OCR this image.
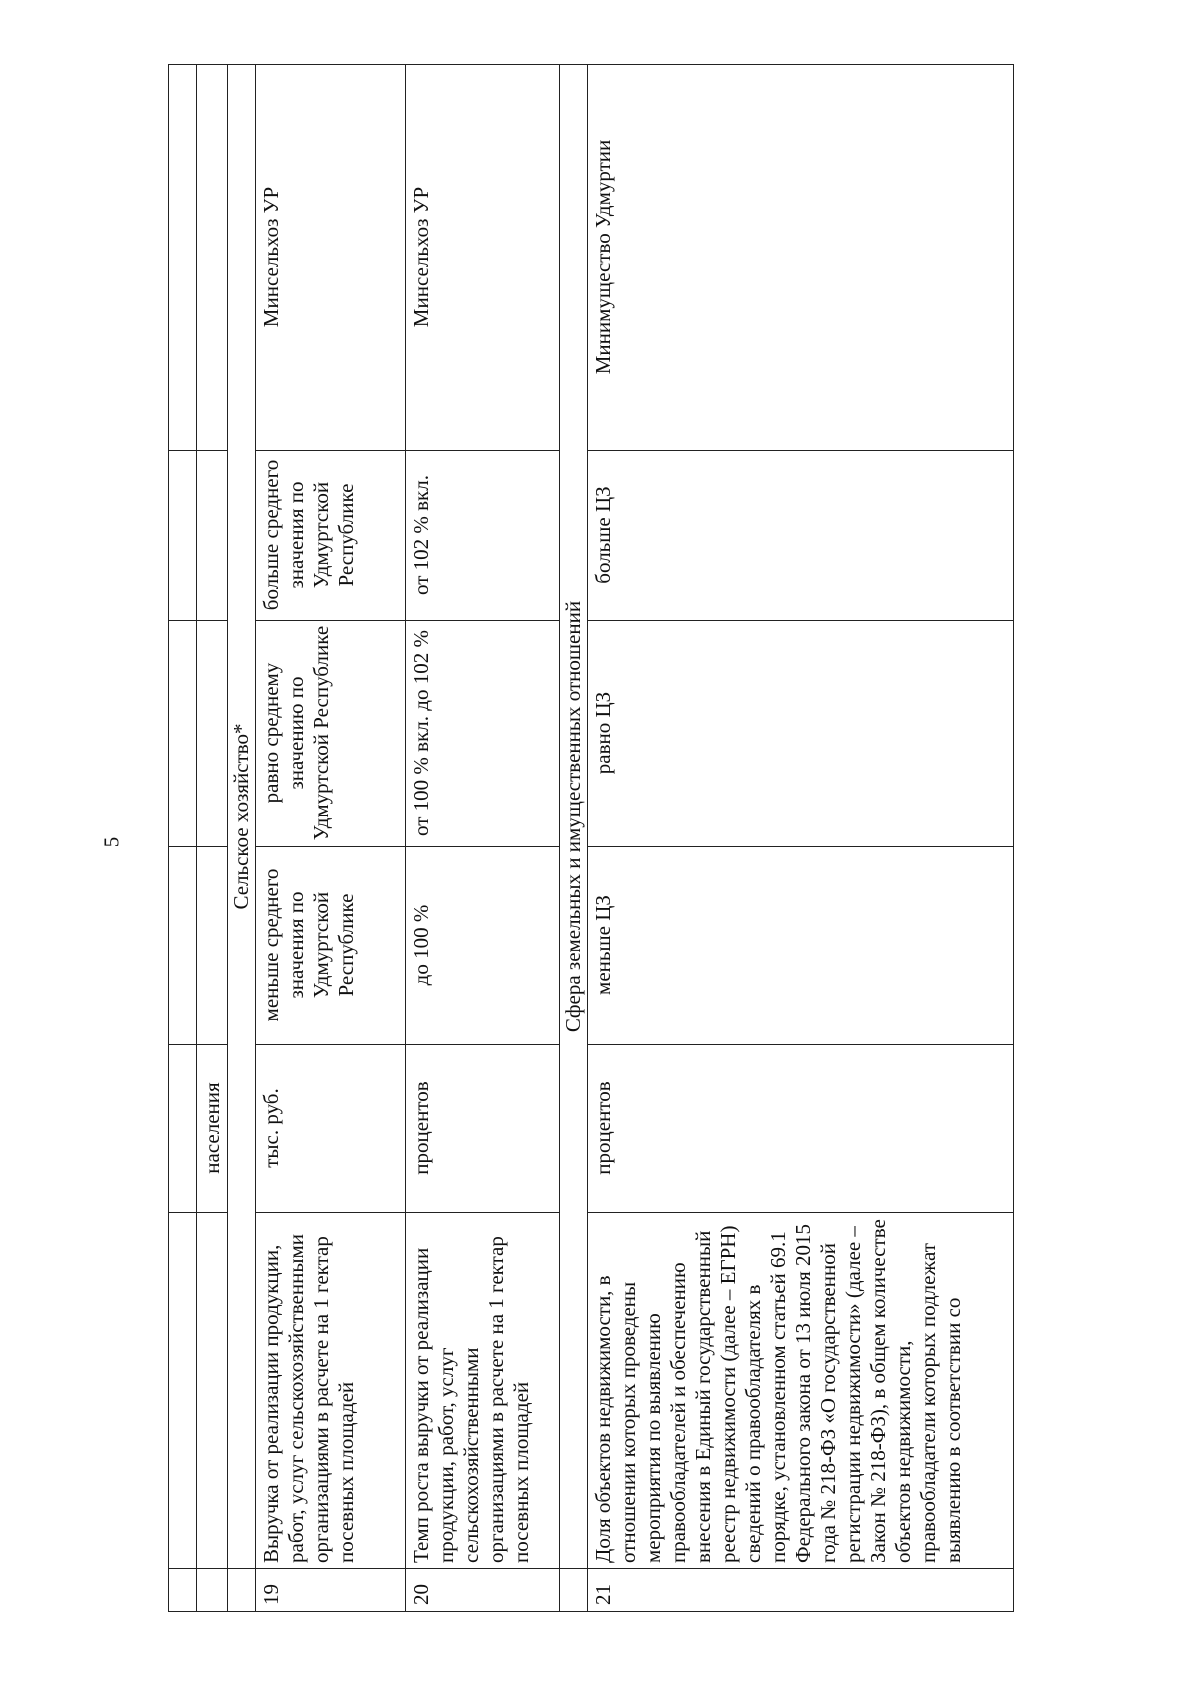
5

		населения				
	Сельское хозяйство*					
19	Выручка от реализации продукции, работ, услуг сельскохозяйственными организациями в расчете на 1 гектар посевных площадей	тыс. руб.	меньше среднего значения по Удмуртской Республике	равно среднему значению по Удмуртской Республике	больше среднего значения по Удмуртской Республике	Минсельхоз УР
20	Темп роста выручки от реализации продукции, работ, услуг сельскохозяйственными организациями в расчете на 1 гектар посевных площадей	процентов	до 100 %	от 100 % вкл. до 102 %	от 102 % вкл.	Минсельхоз УР
	Сфера земельных и имущественных отношений					
21	Доля объектов недвижимости, в отношении которых проведены мероприятия по выявлению правообладателей и обеспечению внесения в Единый государственный реестр недвижимости (далее – ЕГРН) сведений о правообладателях в порядке, установленном статьей 69.1 Федерального закона от 13 июля 2015 года № 218-ФЗ «О государственной регистрации недвижимости» (далее – Закон № 218-ФЗ), в общем количестве объектов недвижимости, правообладатели которых подлежат выявлению в соответствии со	процентов	меньше ЦЗ	равно ЦЗ	больше ЦЗ	Минимущество Удмуртии
